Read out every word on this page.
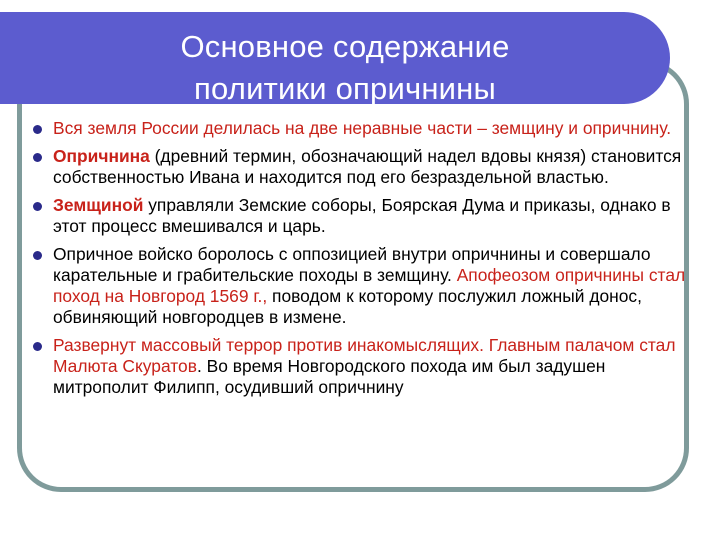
Основное содержание
политики опричнины
Вся земля России делилась на две неравные части – земщину и опричнину.
Опричнина (древний термин, обозначающий надел вдовы князя) становится собственностью Ивана и находится под его безраздельной властью.
Земщиной управляли Земские соборы, Боярская Дума и приказы, однако в этот процесс вмешивался и царь.
Опричное войско боролось с оппозицией внутри опричнины и совершало карательные и грабительские походы в земщину. Апофеозом опричнины стал поход на Новгород 1569 г., поводом к которому послужил ложный донос, обвиняющий новгородцев в измене.
Развернут массовый террор против инакомыслящих. Главным палачом стал Малюта Скуратов. Во время Новгородского похода им был задушен митрополит Филипп, осудивший опричнину
